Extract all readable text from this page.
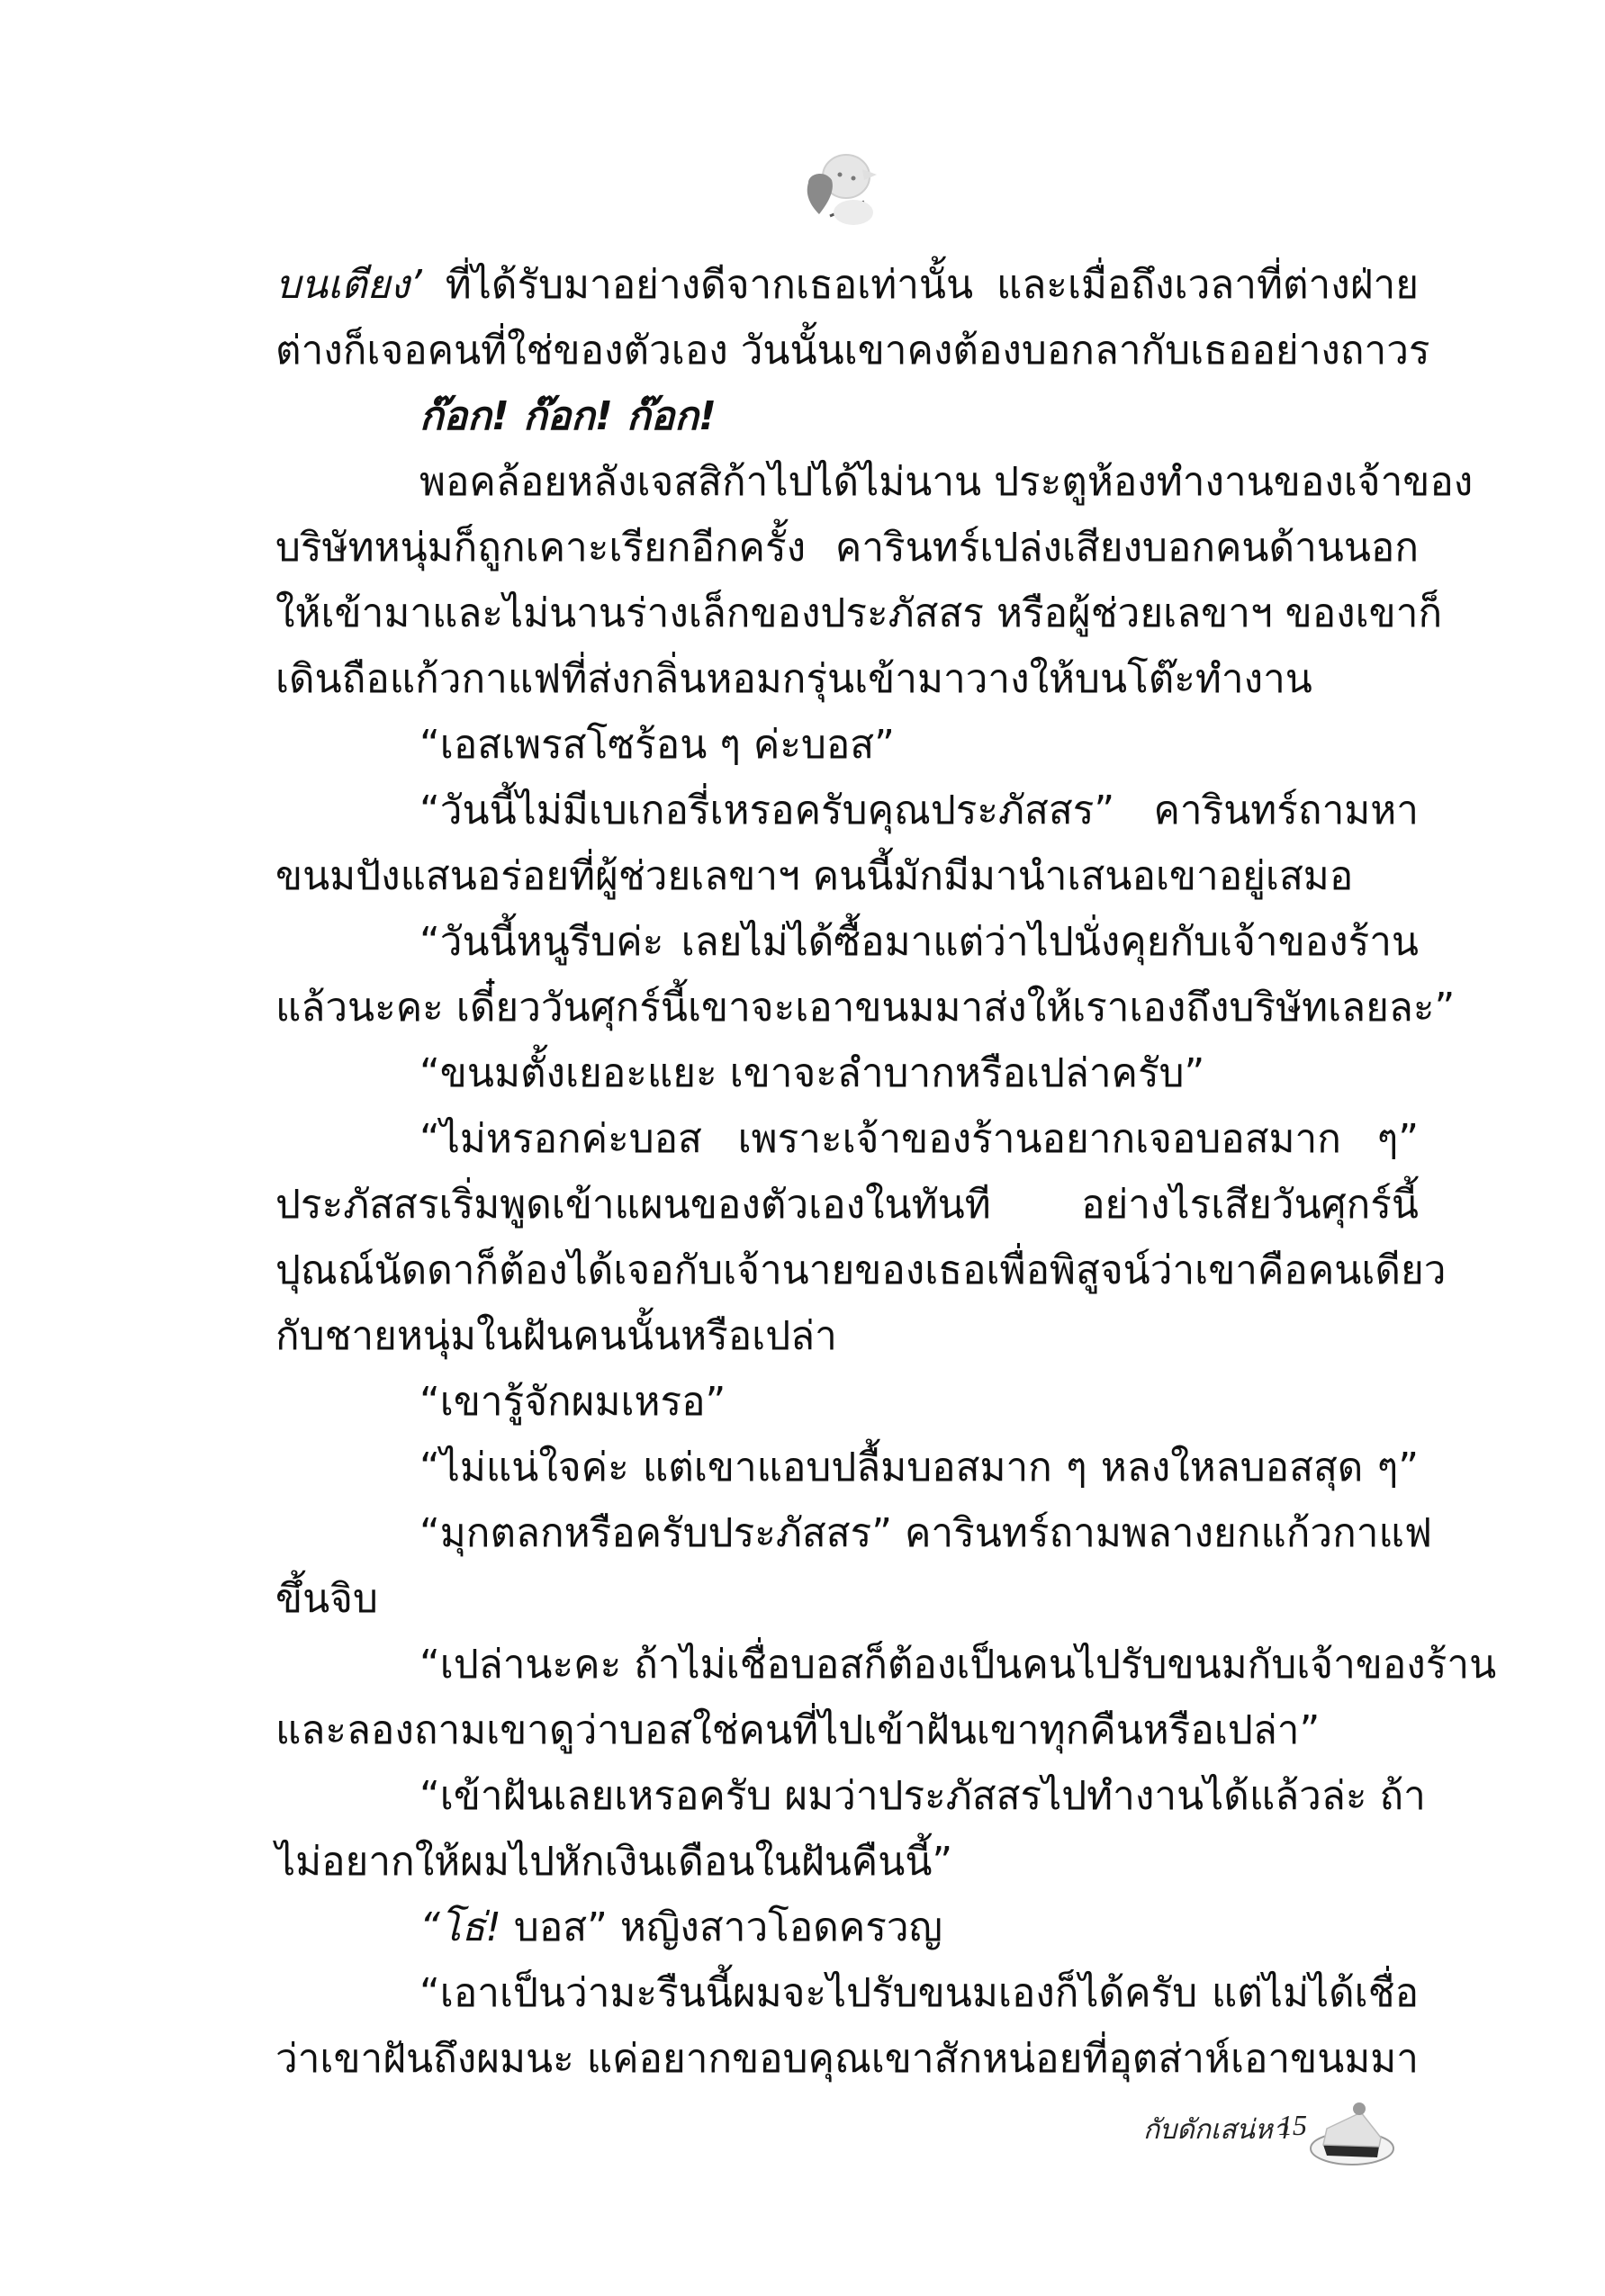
บนเตียง’ ที่ได้รับมาอย่างดีจากเธอเท่านั้น และเมื่อถึงเวลาที่ต่างฝ่าย
ต่างก็เจอคนที่ใช่ของตัวเอง วันนั้นเขาคงต้องบอกลากับเธออย่างถาวร
ก๊อก! ก๊อก! ก๊อก!
พอคล้อยหลังเจสสิก้าไปได้ไม่นาน ประตูห้องทำงานของเจ้าของ
บริษัทหนุ่มก็ถูกเคาะเรียกอีกครั้ง คารินทร์เปล่งเสียงบอกคนด้านนอก
ให้เข้ามาและไม่นานร่างเล็กของประภัสสร หรือผู้ช่วยเลขาฯ ของเขาก็
เดินถือแก้วกาแฟที่ส่งกลิ่นหอมกรุ่นเข้ามาวางให้บนโต๊ะทำงาน
“เอสเพรสโซร้อน ๆ ค่ะบอส”
“วันนี้ไม่มีเบเกอรี่เหรอครับคุณประภัสสร” คารินทร์ถามหา
ขนมปังแสนอร่อยที่ผู้ช่วยเลขาฯ คนนี้มักมีมานำเสนอเขาอยู่เสมอ
“วันนี้หนูรีบค่ะ เลยไม่ได้ซื้อมาแต่ว่าไปนั่งคุยกับเจ้าของร้าน
แล้วนะคะ เดี๋ยววันศุกร์นี้เขาจะเอาขนมมาส่งให้เราเองถึงบริษัทเลยละ”
“ขนมตั้งเยอะแยะ เขาจะลำบากหรือเปล่าครับ”
“ไม่หรอกค่ะบอส เพราะเจ้าของร้านอยากเจอบอสมาก ๆ”
ประภัสสรเริ่มพูดเข้าแผนของตัวเองในทันที อย่างไรเสียวันศุกร์นี้
ปุณณ์นัดดาก็ต้องได้เจอกับเจ้านายของเธอเพื่อพิสูจน์ว่าเขาคือคนเดียว
กับชายหนุ่มในฝันคนนั้นหรือเปล่า
“เขารู้จักผมเหรอ”
“ไม่แน่ใจค่ะ แต่เขาแอบปลื้มบอสมาก ๆ หลงใหลบอสสุด ๆ”
“มุกตลกหรือครับประภัสสร” คารินทร์ถามพลางยกแก้วกาแฟ
ขึ้นจิบ
“เปล่านะคะ ถ้าไม่เชื่อบอสก็ต้องเป็นคนไปรับขนมกับเจ้าของร้าน
และลองถามเขาดูว่าบอสใช่คนที่ไปเข้าฝันเขาทุกคืนหรือเปล่า”
“เข้าฝันเลยเหรอครับ ผมว่าประภัสสรไปทำงานได้แล้วล่ะ ถ้า
ไม่อยากให้ผมไปหักเงินเดือนในฝันคืนนี้”
“โธ่! บอส” หญิงสาวโอดครวญ
“เอาเป็นว่ามะรืนนี้ผมจะไปรับขนมเองก็ได้ครับ แต่ไม่ได้เชื่อ
ว่าเขาฝันถึงผมนะ แค่อยากขอบคุณเขาสักหน่อยที่อุตส่าห์เอาขนมมา
กับดักเสน่หา
15
